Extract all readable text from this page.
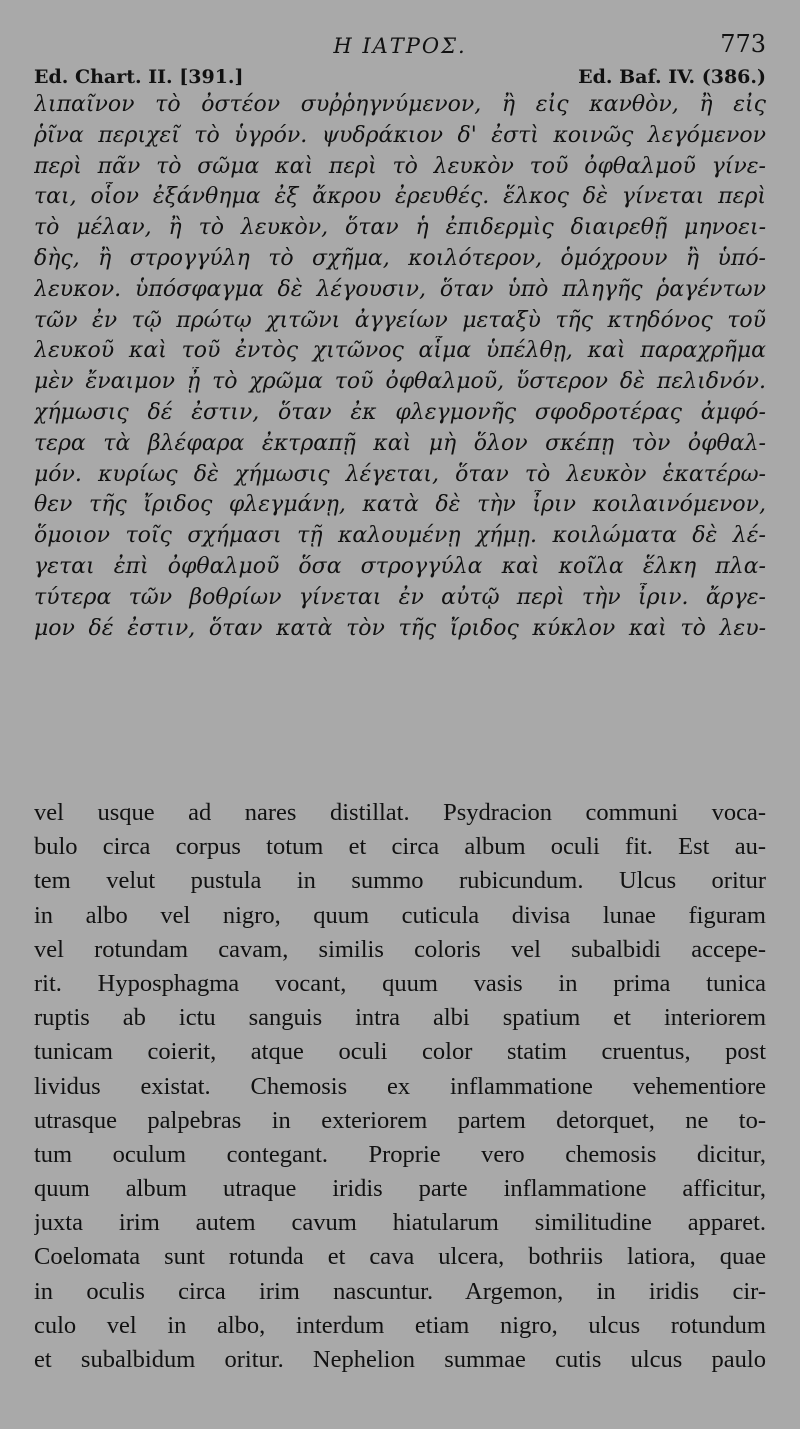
Η ΙΑΤΡΟΣ.	773
Ed. Chart. II. [391.]	Ed. Baf. IV. (386.)
λιπαῖνον τὸ ὀστέον συῤῥηγνύμενον, ἢ εἰς κανθὸν, ἢ εἰς
ῥῖνα περιχεῖ τὸ ὑγρόν. ψυδράκιον δ' ἐστὶ κοινῶς λεγόμενον
περὶ πᾶν τὸ σῶμα καὶ περὶ τὸ λευκὸν τοῦ ὀφθαλμοῦ γίνε-
ται, οἷον ἐξάνθημα ἐξ ἄκρου ἐρευθές. ἕλκος δὲ γίνεται περὶ
τὸ μέλαν, ἢ τὸ λευκὸν, ὅταν ἡ ἐπιδερμὶς διαιρεθῇ μηνοει-
δὴς, ἢ στρογγύλη τὸ σχῆμα, κοιλότερον, ὁμόχρουν ἢ ὑπό-
λευκον. ὑπόσφαγμα δὲ λέγουσιν, ὅταν ὑπὸ πληγῆς ῥαγέντων
τῶν ἐν τῷ πρώτῳ χιτῶνι ἀγγείων μεταξὺ τῆς κτηδόνος τοῦ
λευκοῦ καὶ τοῦ ἐντὸς χιτῶνος αἷμα ὑπέλθῃ, καὶ παραχρῆμα
μὲν ἔναιμον ᾖ τὸ χρῶμα τοῦ ὀφθαλμοῦ, ὕστερον δὲ πελιδνόν.
χήμωσις δέ ἐστιν, ὅταν ἐκ φλεγμονῆς σφοδροτέρας ἀμφό-
τερα τὰ βλέφαρα ἐκτραπῇ καὶ μὴ ὅλον σκέπῃ τὸν ὀφθαλ-
μόν. κυρίως δὲ χήμωσις λέγεται, ὅταν τὸ λευκὸν ἑκατέρω-
θεν τῆς ἴριδος φλεγμάνῃ, κατὰ δὲ τὴν ἶριν κοιλαινόμενον,
ὅμοιον τοῖς σχήμασι τῇ καλουμένῃ χήμῃ. κοιλώματα δὲ λέ-
γεται ἐπὶ ὀφθαλμοῦ ὅσα στρογγύλα καὶ κοῖλα ἕλκη πλα-
τύτερα τῶν βοθρίων γίνεται ἐν αὐτῷ περὶ τὴν ἶριν. ἄργε-
μον δέ ἐστιν, ὅταν κατὰ τὸν τῆς ἴριδος κύκλον καὶ τὸ λευ-
vel usque ad nares distillat. Psydracion communi voca-
bulo circa corpus totum et circa album oculi fit. Est au-
tem velut pustula in summo rubicundum. Ulcus oritur
in albo vel nigro, quum cuticula divisa lunae figuram
vel rotundam cavam, similis coloris vel subalbidi accepe-
rit. Hyposphagma vocant, quum vasis in prima tunica
ruptis ab ictu sanguis intra albi spatium et interiorem
tunicam coierit, atque oculi color statim cruentus, post
lividus existat. Chemosis ex inflammatione vehementiore
utrasque palpebras in exteriorem partem detorquet, ne to-
tum oculum contegant. Proprie vero chemosis dicitur,
quum album utraque iridis parte inflammatione afficitur,
juxta irim autem cavum hiatularum similitudine apparet.
Coelomata sunt rotunda et cava ulcera, bothriis latiora, quae
in oculis circa irim nascuntur. Argemon, in iridis cir-
culo vel in albo, interdum etiam nigro, ulcus rotundum
et subalbidum oritur. Nephelion summae cutis ulcus paulo
